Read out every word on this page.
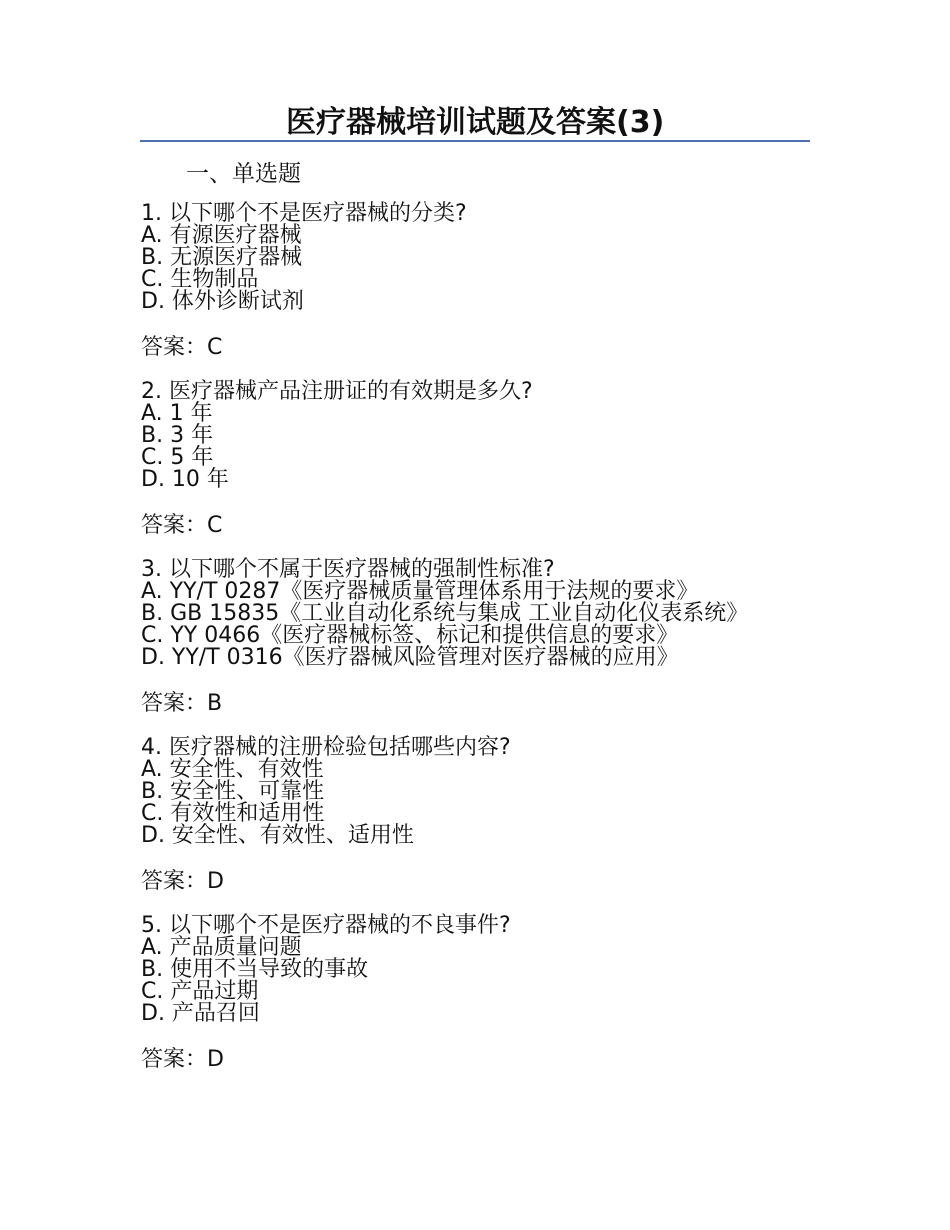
医疗器械培训试题及答案(3)
一、单选题
1. 以下哪个不是医疗器械的分类?
A. 有源医疗器械
B. 无源医疗器械
C. 生物制品
D. 体外诊断试剂
答案：C
2. 医疗器械产品注册证的有效期是多久?
A. 1 年
B. 3 年
C. 5 年
D. 10 年
答案：C
3. 以下哪个不属于医疗器械的强制性标准?
A. YY/T 0287《医疗器械质量管理体系用于法规的要求》
B. GB 15835《工业自动化系统与集成 工业自动化仪表系统》
C. YY 0466《医疗器械标签、标记和提供信息的要求》
D. YY/T 0316《医疗器械风险管理对医疗器械的应用》
答案：B
4. 医疗器械的注册检验包括哪些内容?
A. 安全性、有效性
B. 安全性、可靠性
C. 有效性和适用性
D. 安全性、有效性、适用性
答案：D
5. 以下哪个不是医疗器械的不良事件?
A. 产品质量问题
B. 使用不当导致的事故
C. 产品过期
D. 产品召回
答案：D
